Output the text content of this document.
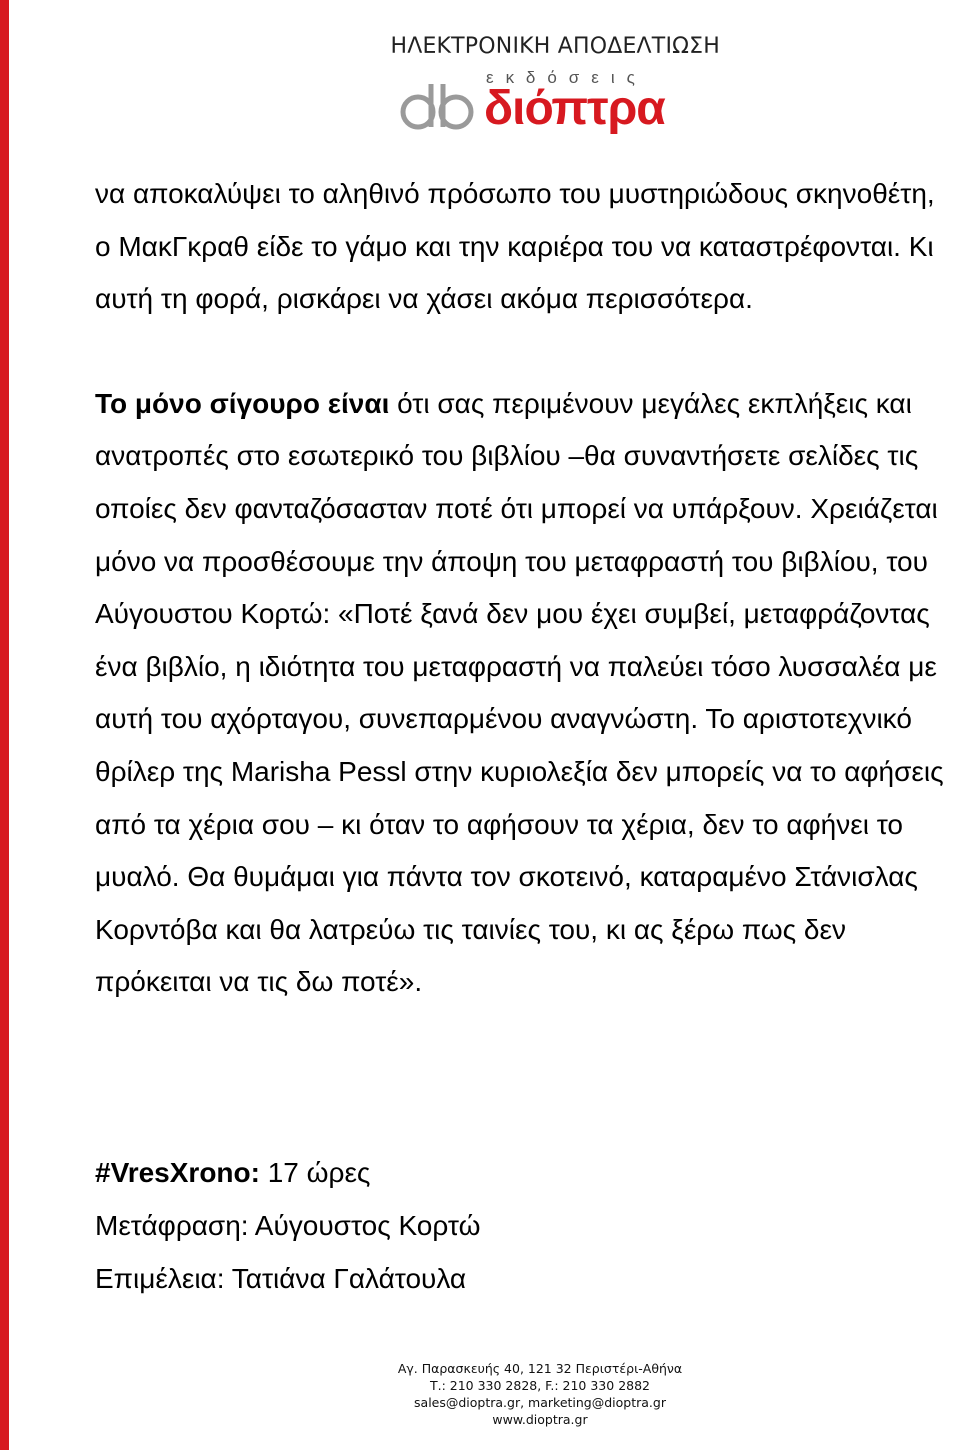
ΗΛΕΚΤΡΟΝΙΚΗ ΑΠΟΔΕΛΤΙΩΣΗ
εκδόσεις
διόπτρα

να αποκαλύψει το αληθινό πρόσωπο του μυστηριώδους σκηνοθέτη, ο ΜακΓκραθ είδε το γάμο και την καριέρα του να καταστρέφονται. Κι αυτή τη φορά, ρισκάρει να χάσει ακόμα περισσότερα.

Το μόνο σίγουρο είναι ότι σας περιμένουν μεγάλες εκπλήξεις και ανατροπές στο εσωτερικό του βιβλίου –θα συναντήσετε σελίδες τις οποίες δεν φανταζόσασταν ποτέ ότι μπορεί να υπάρξουν. Χρειάζεται μόνο να προσθέσουμε την άποψη του μεταφραστή του βιβλίου, του Αύγουστου Κορτώ: «Ποτέ ξανά δεν μου έχει συμβεί, μεταφράζοντας ένα βιβλίο, η ιδιότητα του μεταφραστή να παλεύει τόσο λυσσαλέα με αυτή του αχόρταγου, συνεπαρμένου αναγνώστη. Το αριστοτεχνικό θρίλερ της Marisha Pessl στην κυριολεξία δεν μπορείς να το αφήσεις από τα χέρια σου – κι όταν το αφήσουν τα χέρια, δεν το αφήνει το μυαλό. Θα θυμάμαι για πάντα τον σκοτεινό, καταραμένο Στάνισλας Κορντόβα και θα λατρεύω τις ταινίες του, κι ας ξέρω πως δεν πρόκειται να τις δω ποτέ».

#VresXrono: 17 ώρες
Μετάφραση: Αύγουστος Κορτώ
Επιμέλεια: Τατιάνα Γαλάτουλα
Αγ. Παρασκευής 40, 121 32 Περιστέρι-Αθήνα
Τ.: 210 330 2828, F.: 210 330 2882
sales@dioptra.gr, marketing@dioptra.gr
www.dioptra.gr
